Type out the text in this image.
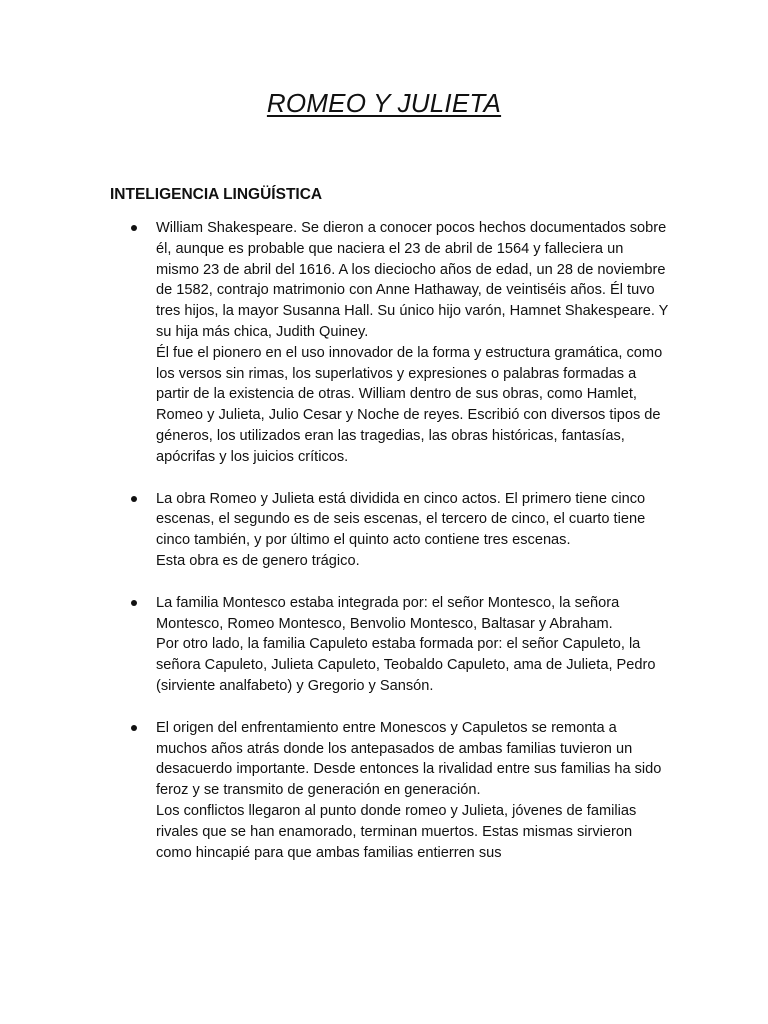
ROMEO Y JULIETA
INTELIGENCIA LINGÜÍSTICA

William Shakespeare. Se dieron a conocer pocos hechos documentados sobre él, aunque es probable que naciera el 23 de abril de 1564 y falleciera un mismo 23 de abril del 1616. A los dieciocho años de edad, un 28 de noviembre de 1582, contrajo matrimonio con Anne Hathaway, de veintiséis años. Él tuvo tres hijos, la mayor Susanna Hall. Su único hijo varón, Hamnet Shakespeare. Y su hija más chica, Judith Quiney.

Él fue el pionero en el uso innovador de la forma y estructura gramática, como los versos sin rimas, los superlativos y expresiones o palabras formadas a partir de la existencia de otras. William dentro de sus obras, como Hamlet, Romeo y Julieta, Julio Cesar y Noche de reyes. Escribió con diversos tipos de géneros, los utilizados eran las tragedias, las obras históricas, fantasías, apócrifas y los juicios críticos.

La obra Romeo y Julieta está dividida en cinco actos. El primero tiene cinco escenas, el segundo es de seis escenas, el tercero de cinco, el cuarto tiene cinco también, y por último el quinto acto contiene tres escenas.

Esta obra es de genero trágico.

La familia Montesco estaba integrada por: el señor Montesco, la señora Montesco, Romeo Montesco, Benvolio Montesco, Baltasar y Abraham.

Por otro lado, la familia Capuleto estaba formada por: el señor Capuleto, la señora Capuleto, Julieta Capuleto, Teobaldo Capuleto, ama de Julieta, Pedro (sirviente analfabeto) y Gregorio y Sansón.

El origen del enfrentamiento entre Monescos y Capuletos se remonta a muchos años atrás donde los antepasados de ambas familias tuvieron un desacuerdo importante. Desde entonces la rivalidad entre sus familias ha sido feroz y se transmito de generación en generación.

Los conflictos llegaron al punto donde romeo y Julieta, jóvenes de familias rivales que se han enamorado, terminan muertos. Estas mismas sirvieron como hincapié para que ambas familias entierren sus
